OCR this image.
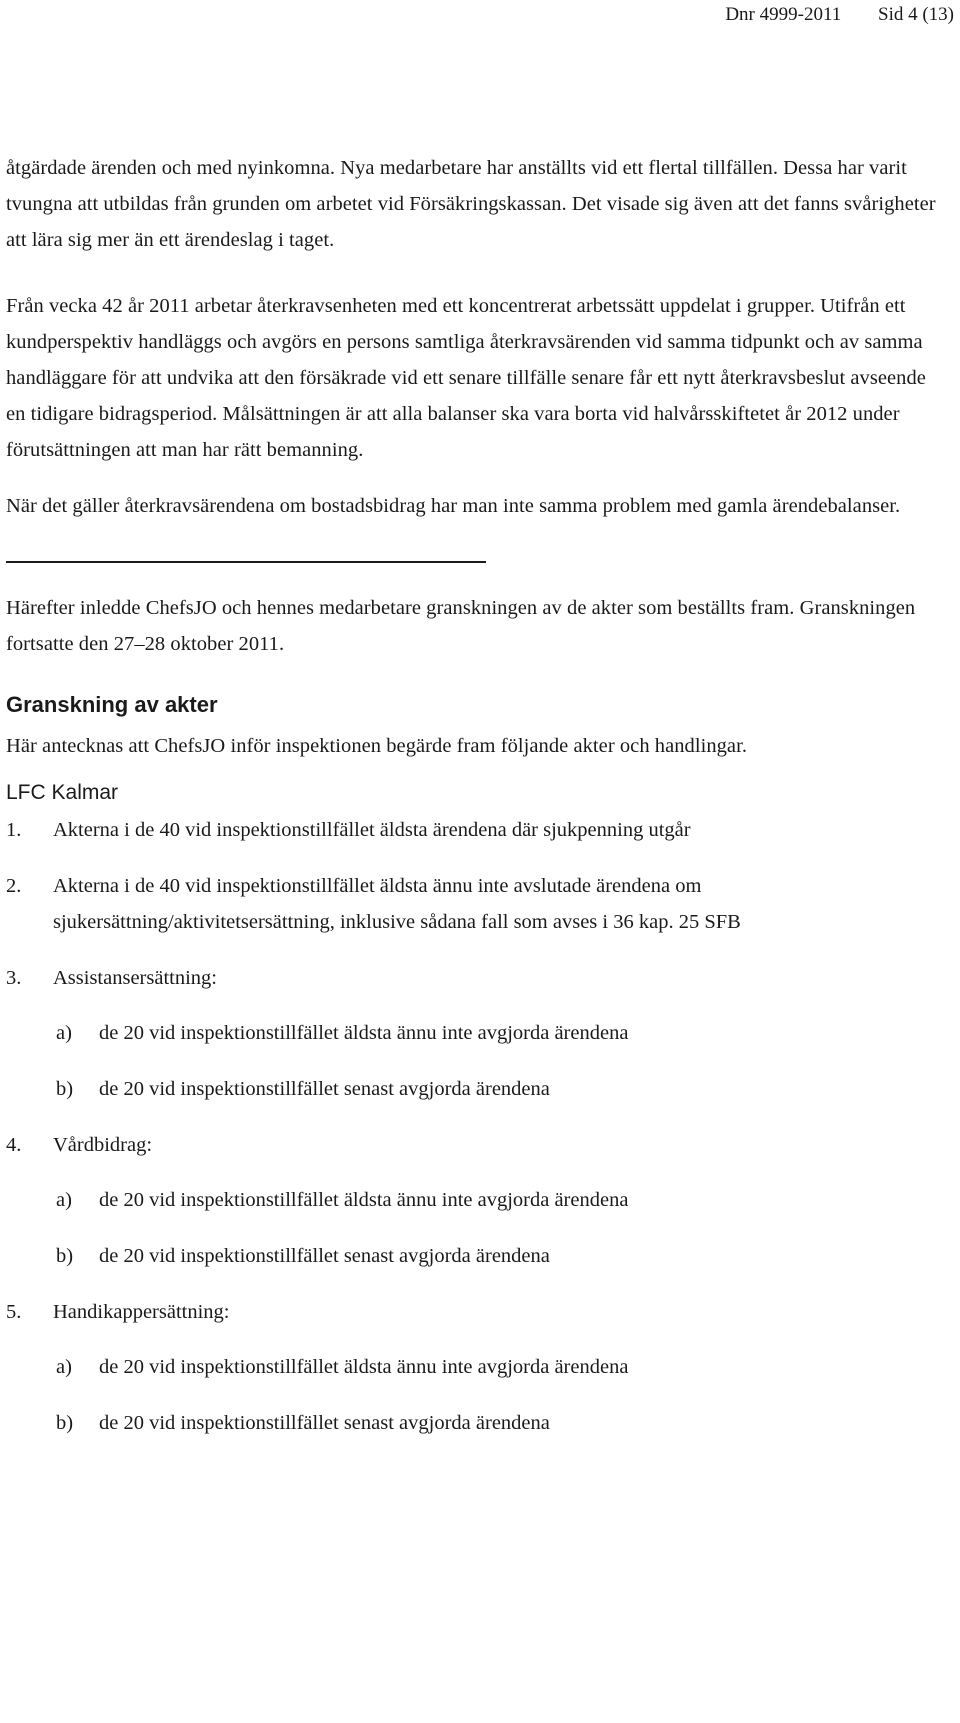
Dnr 4999-2011 Sid 4 (13)

åtgärdade ärenden och med nyinkomna. Nya medarbetare har anställts vid ett flertal tillfällen. Dessa har varit tvungna att utbildas från grunden om arbetet vid Försäkringskassan. Det visade sig även att det fanns svårigheter att lära sig mer än ett ärendeslag i taget.

Från vecka 42 år 2011 arbetar återkravsenheten med ett koncentrerat arbetssätt uppdelat i grupper. Utifrån ett kundperspektiv handläggs och avgörs en persons samtliga återkravsärenden vid samma tidpunkt och av samma handläggare för att undvika att den försäkrade vid ett senare tillfälle senare får ett nytt återkravsbeslut avseende en tidigare bidragsperiod. Målsättningen är att alla balanser ska vara borta vid halvårsskiftetet år 2012 under förutsättningen att man har rätt bemanning.

När det gäller återkravsärendena om bostadsbidrag har man inte samma problem med gamla ärendebalanser.

Härefter inledde ChefsJO och hennes medarbetare granskningen av de akter som beställts fram. Granskningen fortsatte den 27–28 oktober 2011.

Granskning av akter

Här antecknas att ChefsJO inför inspektionen begärde fram följande akter och handlingar.

LFC Kalmar
1. Akterna i de 40 vid inspektionstillfället äldsta ärendena där sjukpenning utgår
2. Akterna i de 40 vid inspektionstillfället äldsta ännu inte avslutade ärendena om sjukersättning/aktivitetsersättning, inklusive sådana fall som avses i 36 kap. 25 SFB
3. Assistansersättning:
a) de 20 vid inspektionstillfället äldsta ännu inte avgjorda ärendena
b) de 20 vid inspektionstillfället senast avgjorda ärendena
4. Vårdbidrag:
a) de 20 vid inspektionstillfället äldsta ännu inte avgjorda ärendena
b) de 20 vid inspektionstillfället senast avgjorda ärendena
5. Handikappersättning:
a) de 20 vid inspektionstillfället äldsta ännu inte avgjorda ärendena
b) de 20 vid inspektionstillfället senast avgjorda ärendena
